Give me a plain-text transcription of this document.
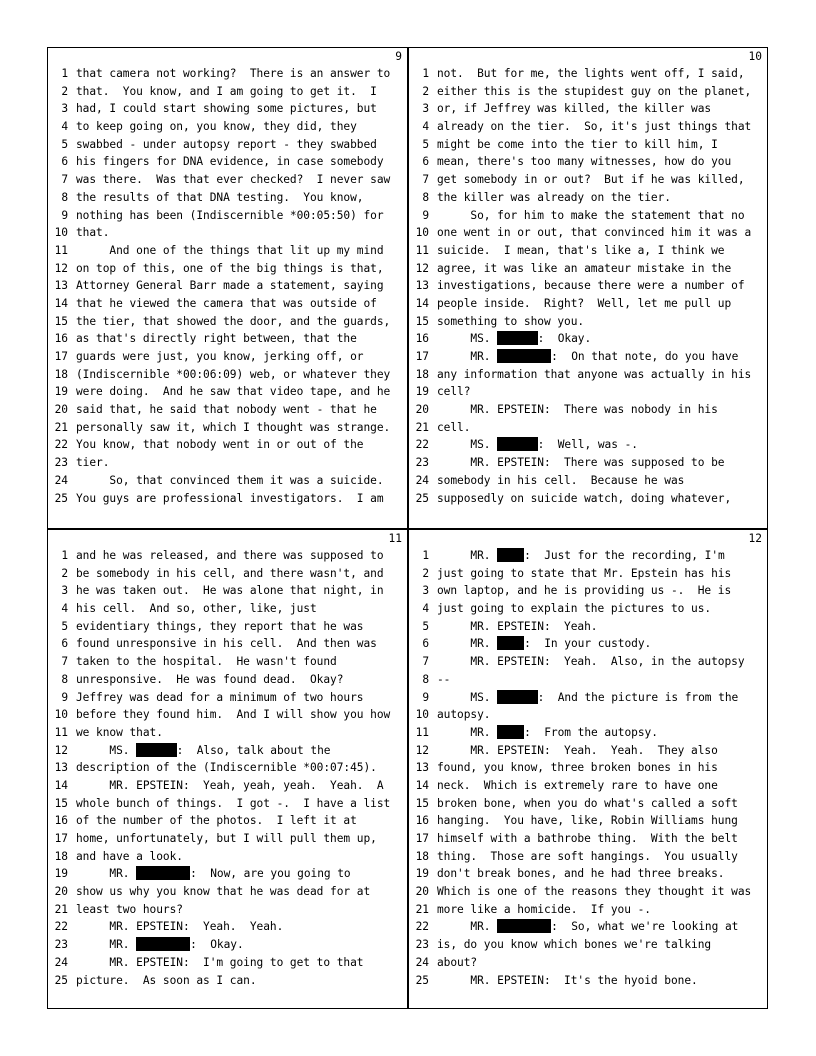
9
1 that camera not working?  There is an answer to
2 that.  You know, and I am going to get it.  I
3 had, I could start showing some pictures, but
4 to keep going on, you know, they did, they
5 swabbed - under autopsy report - they swabbed
6 his fingers for DNA evidence, in case somebody
7 was there.  Was that ever checked?  I never saw
8 the results of that DNA testing.  You know,
9 nothing has been (Indiscernible *00:05:50) for
10 that.
11 And one of the things that lit up my mind
12 on top of this, one of the big things is that,
13 Attorney General Barr made a statement, saying
14 that he viewed the camera that was outside of
15 the tier, that showed the door, and the guards,
16 as that's directly right between, that the
17 guards were just, you know, jerking off, or
18 (Indiscernible *00:06:09) web, or whatever they
19 were doing.  And he saw that video tape, and he
20 said that, he said that nobody went - that he
21 personally saw it, which I thought was strange.
22 You know, that nobody went in or out of the
23 tier.
24 So, that convinced them it was a suicide.
25 You guys are professional investigators.  I am
10
1 not.  But for me, the lights went off, I said,
2 either this is the stupidest guy on the planet,
3 or, if Jeffrey was killed, the killer was
4 already on the tier.  So, it's just things that
5 might be come into the tier to kill him, I
6 mean, there's too many witnesses, how do you
7 get somebody in or out?  But if he was killed,
8 the killer was already on the tier.
9 So, for him to make the statement that no
10 one went in or out, that convinced him it was a
11 suicide.  I mean, that's like a, I think we
12 agree, it was like an amateur mistake in the
13 investigations, because there were a number of
14 people inside.  Right?  Well, let me pull up
15 something to show you.
16 MS.	:  Okay.
17 MR.	:  On that note, do you have
18 any information that anyone was actually in his
19 cell?
20 MR. EPSTEIN:  There was nobody in his
21 cell.
22 MS.	:  Well, was -.
23 MR. EPSTEIN:  There was supposed to be
24 somebody in his cell.  Because he was
25 supposedly on suicide watch, doing whatever,
11
1 and he was released, and there was supposed to
2 be somebody in his cell, and there wasn't, and
3 he was taken out.  He was alone that night, in
4 his cell.  And so, other, like, just
5 evidentiary things, they report that he was
6 found unresponsive in his cell.  And then was
7 taken to the hospital.  He wasn't found
8 unresponsive.  He was found dead.  Okay?
9 Jeffrey was dead for a minimum of two hours
10 before they found him.  And I will show you how
11 we know that.
12 MS.	:  Also, talk about the
13 description of the (Indiscernible *00:07:45).
14 MR. EPSTEIN:  Yeah, yeah, yeah.  Yeah.  A
15 whole bunch of things.  I got -.  I have a list
16 of the number of the photos.  I left it at
17 home, unfortunately, but I will pull them up,
18 and have a look.
19 MR.	:  Now, are you going to
20 show us why you know that he was dead for at
21 least two hours?
22 MR. EPSTEIN:  Yeah.  Yeah.
23 MR.	:  Okay.
24 MR. EPSTEIN:  I'm going to get to that
25 picture.  As soon as I can.
12
1 MR. :  Just for the recording, I'm
2 just going to state that Mr. Epstein has his
3 own laptop, and he is providing us -.  He is
4 just going to explain the pictures to us.
5 MR. EPSTEIN:  Yeah.
6 MR. :  In your custody.
7 MR. EPSTEIN:  Yeah.  Also, in the autopsy
8 --
9 MS.	:  And the picture is from the
10 autopsy.
11 MR. :  From the autopsy.
12 MR. EPSTEIN:  Yeah.  Yeah.  They also
13 found, you know, three broken bones in his
14 neck.  Which is extremely rare to have one
15 broken bone, when you do what's called a soft
16 hanging.  You have, like, Robin Williams hung
17 himself with a bathrobe thing.  With the belt
18 thing.  Those are soft hangings.  You usually
19 don't break bones, and he had three breaks.
20 Which is one of the reasons they thought it was
21 more like a homicide.  If you -.
22 MR.	:  So, what we're looking at
23 is, do you know which bones we're talking
24 about?
25 MR. EPSTEIN:  It's the hyoid bone.
